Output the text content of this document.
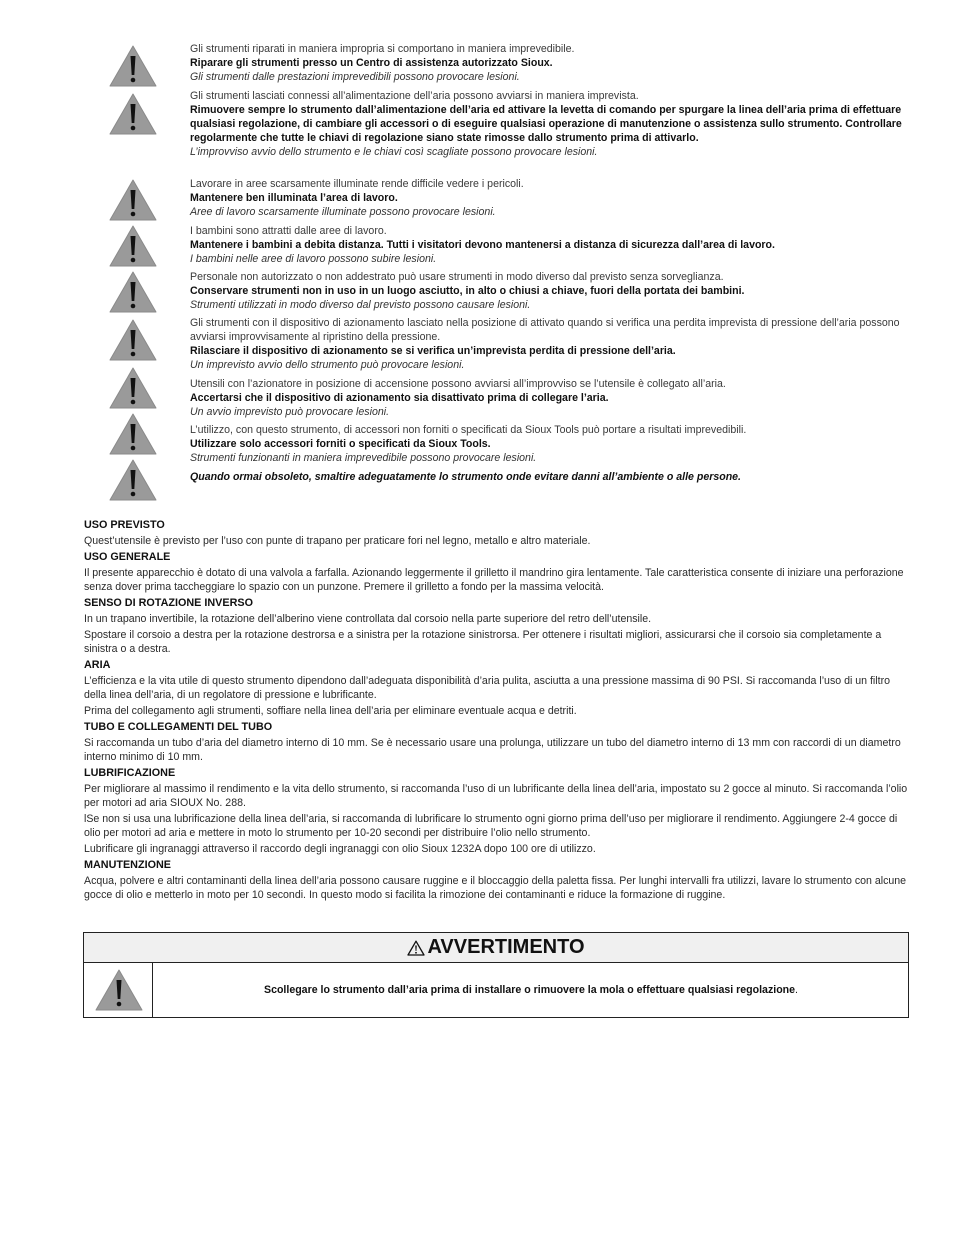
Gli strumenti riparati in maniera impropria si comportano in maniera imprevedibile.

Riparare gli strumenti presso un Centro di assistenza autorizzato Sioux.

Gli strumenti dalle prestazioni imprevedibili possono provocare lesioni.

Gli strumenti lasciati connessi all’alimentazione dell’aria possono avviarsi in maniera imprevista.

Rimuovere sempre lo strumento dall’alimentazione dell’aria ed attivare la levetta di comando per spurgare la linea dell’aria prima di effettuare qualsiasi regolazione, di cambiare gli accessori o di eseguire qualsiasi operazione di manutenzione o assistenza sullo strumento. Controllare regolarmente che tutte le chiavi di regolazione siano state rimosse dallo strumento prima di attivarlo.

L’improvviso avvio dello strumento e le chiavi così scagliate possono provocare lesioni.

Lavorare in aree scarsamente illuminate rende difficile vedere i pericoli.

Mantenere ben illuminata l’area di lavoro.

Aree di lavoro scarsamente illuminate possono provocare lesioni.

I bambini sono attratti dalle aree di lavoro.

Mantenere i bambini a debita distanza. Tutti i visitatori devono mantenersi a distanza di sicurezza dall’area di lavoro.

I bambini nelle aree di lavoro possono subire lesioni.

Personale non autorizzato o non addestrato può usare strumenti in modo diverso dal previsto senza sorveglianza.

Conservare strumenti non in uso in un luogo asciutto, in alto o chiusi a chiave, fuori della portata dei bambini.

Strumenti utilizzati in modo diverso dal previsto possono causare lesioni.

Gli strumenti con il dispositivo di azionamento lasciato nella posizione di attivato quando si verifica una perdita imprevista di pressione dell’aria possono avviarsi improvvisamente al ripristino della pressione.

Rilasciare il dispositivo di azionamento se si verifica un’imprevista perdita di pressione dell’aria.

Un imprevisto avvio dello strumento può provocare lesioni.

Utensili con l’azionatore in posizione di accensione possono avviarsi all’improvviso se l’utensile è collegato all’aria.

Accertarsi che il dispositivo di azionamento sia disattivato prima di collegare l’aria.

Un avvio imprevisto può provocare lesioni.

L’utilizzo, con questo strumento, di accessori non forniti o specificati da Sioux Tools può portare a risultati imprevedibili.

Utilizzare solo accessori forniti o specificati da Sioux Tools.

Strumenti funzionanti in maniera imprevedibile possono provocare lesioni.

Quando ormai obsoleto, smaltire adeguatamente lo strumento onde evitare danni all’ambiente o alle persone.

USO PREVISTO

Quest’utensile è previsto per l’uso con punte di trapano per praticare fori nel legno, metallo e altro materiale.

USO GENERALE

Il presente apparecchio è dotato di una valvola a farfalla. Azionando leggermente il grilletto il mandrino gira lentamente. Tale caratteristica consente di iniziare una perforazione senza dover prima taccheggiare lo spazio con un punzone. Premere il grilletto a fondo per la massima velocità.

SENSO DI ROTAZIONE INVERSO

In un trapano invertibile, la rotazione dell’alberino viene controllata dal corsoio nella parte superiore del retro dell’utensile.

Spostare il corsoio a destra per la rotazione destrorsa e a sinistra per la rotazione sinistrorsa. Per ottenere i risultati migliori, assicurarsi che il corsoio sia completamente a sinistra o a destra.

ARIA

L’efficienza e la vita utile di questo strumento dipendono dall’adeguata disponibilità d’aria pulita, asciutta a una pressione massima di 90 PSI. Si raccomanda l’uso di un filtro della linea dell’aria, di un regolatore di pressione e lubrificante.

Prima del collegamento agli strumenti, soffiare nella linea dell’aria per eliminare eventuale acqua e detriti.

TUBO E COLLEGAMENTI DEL TUBO

Si raccomanda un tubo d’aria del diametro interno di 10 mm. Se è necessario usare una prolunga, utilizzare un tubo del diametro interno di 13 mm con raccordi di un diametro interno minimo di 10 mm.

LUBRIFICAZIONE

Per migliorare al massimo il rendimento e la vita dello strumento, si raccomanda l’uso di un lubrificante della linea dell’aria, impostato su 2 gocce al minuto. Si raccomanda l’olio per motori ad aria SIOUX No. 288.

lSe non si usa una lubrificazione della linea dell’aria, si raccomanda di lubrificare lo strumento ogni giorno prima dell’uso per migliorare il rendimento. Aggiungere 2-4 gocce di olio per motori ad aria e mettere in moto lo strumento per 10-20 secondi per distribuire l’olio nello strumento.

Lubrificare gli ingranaggi attraverso il raccordo degli ingranaggi con olio Sioux 1232A dopo 100 ore di utilizzo.

MANUTENZIONE

Acqua, polvere e altri contaminanti della linea dell’aria possono causare ruggine e il bloccaggio della paletta fissa. Per lunghi intervalli fra utilizzi, lavare lo strumento con alcune gocce di olio e metterlo in moto per 10 secondi. In questo modo si facilita la rimozione dei contaminanti e riduce la formazione di ruggine.

AVVERTIMENTO
Scollegare lo strumento dall’aria prima di installare o rimuovere la mola o effettuare qualsiasi regolazione .
